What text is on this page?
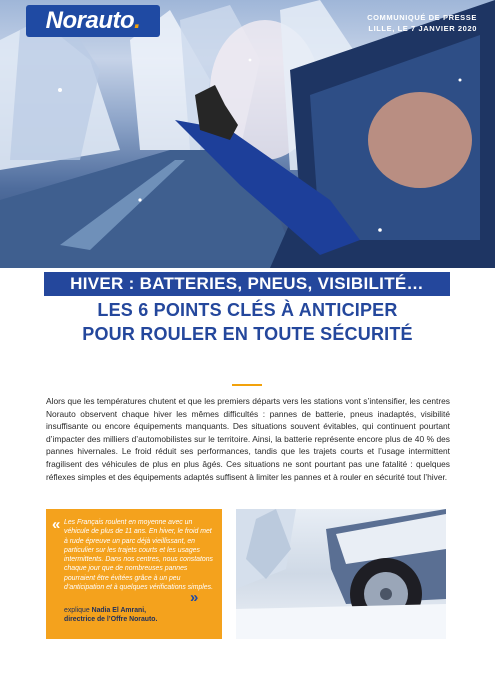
Norauto.	COMMUNIQUÉ DE PRESSE
LILLE, LE 7 JANVIER 2020
HIVER : BATTERIES, PNEUS, VISIBILITÉ…
LES 6 POINTS CLÉS À ANTICIPER
POUR ROULER EN TOUTE SÉCURITÉ
Alors que les températures chutent et que les premiers départs vers les stations vont s’intensifier, les centres Norauto observent chaque hiver les mêmes difficultés : pannes de batterie, pneus inadaptés, visibilité insuffisante ou encore équipements manquants. Des situations souvent évitables, qui continuent pourtant d’impacter des milliers d’automobilistes sur le territoire. Ainsi, la batterie représente encore plus de 40 % des pannes hivernales. Le froid réduit ses performances, tandis que les trajets courts et l’usage intermittent fragilisent des véhicules de plus en plus âgés. Ces situations ne sont pourtant pas une fatalité : quelques réflexes simples et des équipements adaptés suffisent à limiter les pannes et à rouler en sécurité tout l’hiver.
« Les Français roulent en moyenne avec un véhicule de plus de 11 ans. En hiver, le froid met à rude épreuve un parc déjà vieillissant, en particulier sur les trajets courts et les usages intermittents. Dans nos centres, nous constatons chaque jour que de nombreuses pannes pourraient être évitées grâce à un peu d’anticipation et à quelques vérifications simples.
explique Nadia El Amrani,
directrice de l’Offre Norauto.
»
